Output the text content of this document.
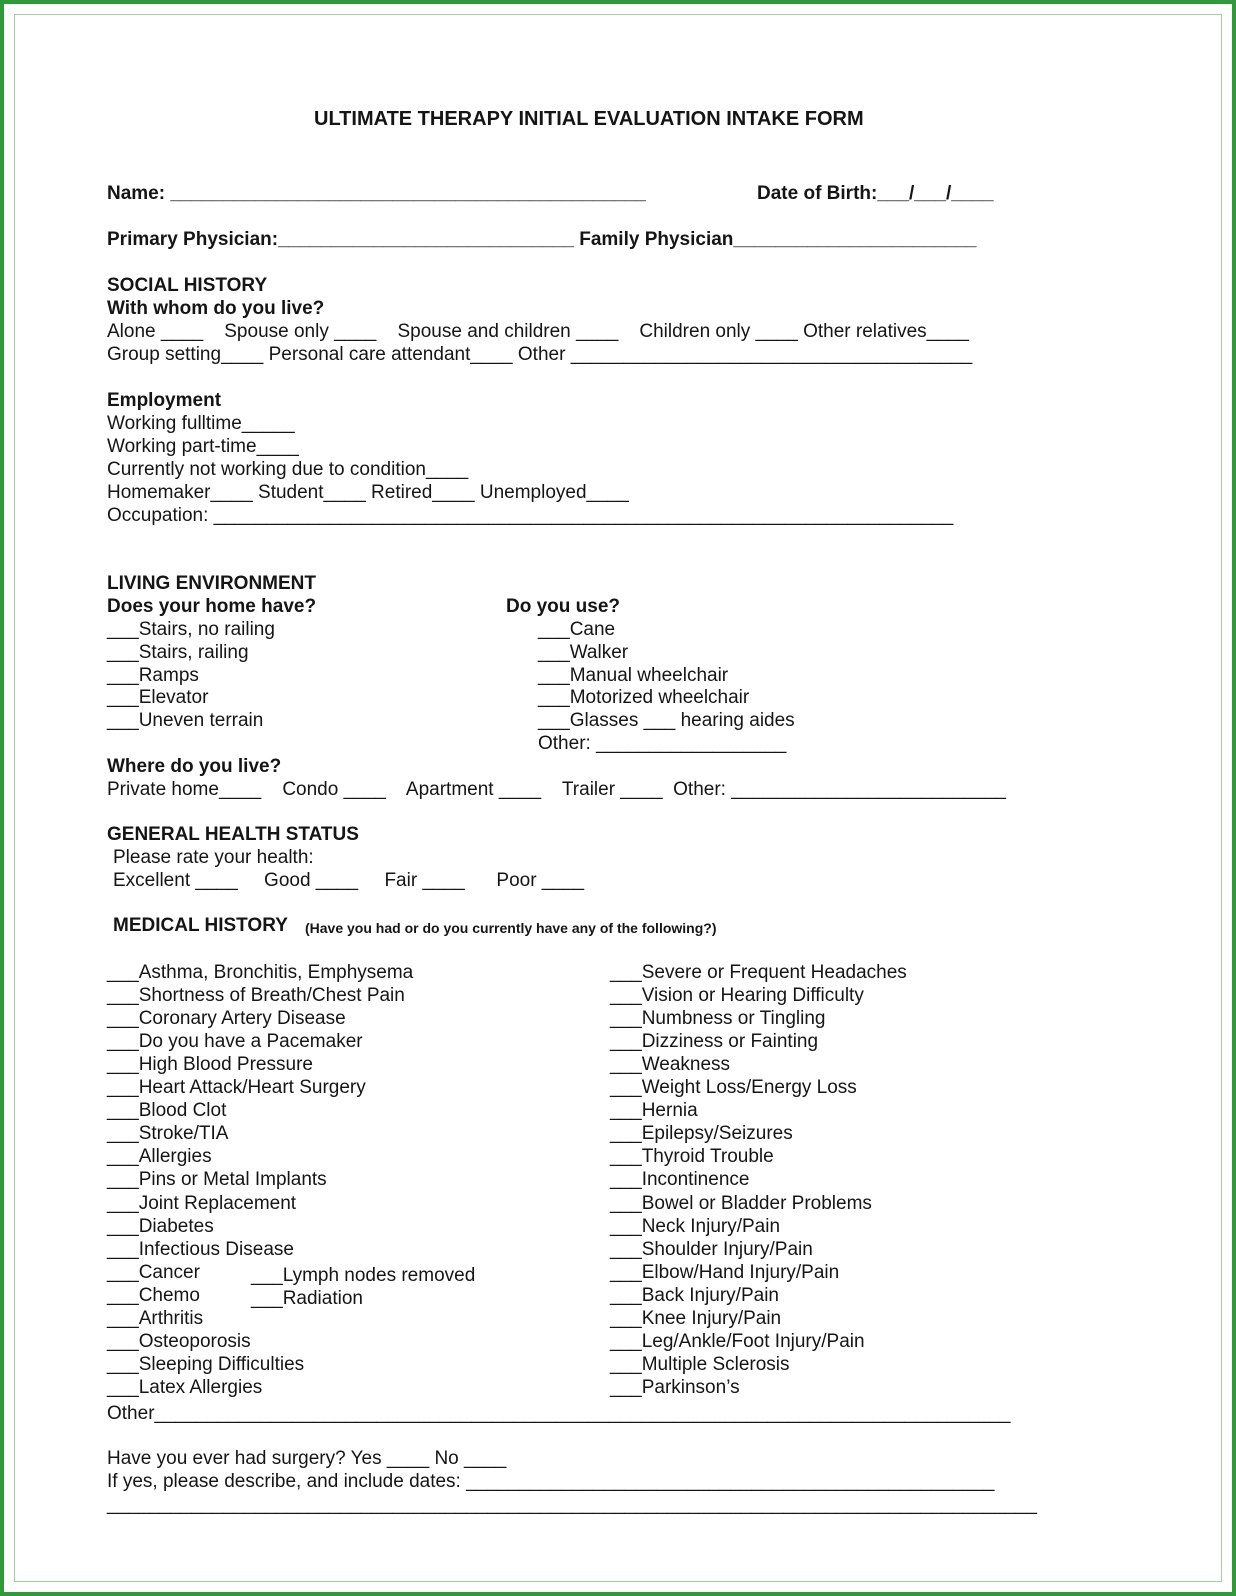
ULTIMATE THERAPY INITIAL EVALUATION INTAKE FORM
Name: _____________________________________________	Date of Birth:___/___/____
Primary Physician:____________________________ Family Physician_______________________
SOCIAL HISTORY
With whom do you live?
Alone ____    Spouse only ____    Spouse and children ____    Children only ____ Other relatives____
Group setting____ Personal care attendant____ Other ______________________________________
Employment
Working fulltime_____
Working part-time____
Currently not working due to condition____
Homemaker____ Student____ Retired____ Unemployed____
Occupation: ______________________________________________________________________
LIVING ENVIRONMENT
Does your home have?	Do you use?
___Stairs, no railing
___Stairs, railing
___Ramps
___Elevator
___Uneven terrain
___Cane
___Walker
___Manual wheelchair
___Motorized wheelchair
___Glasses ___ hearing aides
Other: __________________
Where do you live?
Private home____    Condo ____    Apartment ____    Trailer ____  Other: __________________________
GENERAL HEALTH STATUS
Please rate your health:
Excellent ____     Good ____     Fair ____      Poor ____
MEDICAL HISTORY (Have you had or do you currently have any of the following?)
___Lymph nodes removed
___Radiation
Other_________________________________________________________________________________
Have you ever had surgery? Yes ____ No ____
If yes, please describe, and include dates: __________________________________________________
________________________________________________________________________________________
___Asthma, Bronchitis, Emphysema
___Shortness of Breath/Chest Pain
___Coronary Artery Disease
___Do you have a Pacemaker
___High Blood Pressure
___Heart Attack/Heart Surgery
___Blood Clot
___Stroke/TIA
___Allergies
___Pins or Metal Implants
___Joint Replacement
___Diabetes
___Infectious Disease
___Cancer
___Chemo
___Arthritis
___Osteoporosis
___Sleeping Difficulties
___Latex Allergies
___Severe or Frequent Headaches
___Vision or Hearing Difficulty
___Numbness or Tingling
___Dizziness or Fainting
___Weakness
___Weight Loss/Energy Loss
___Hernia
___Epilepsy/Seizures
___Thyroid Trouble
___Incontinence
___Bowel or Bladder Problems
___Neck Injury/Pain
___Shoulder Injury/Pain
___Elbow/Hand Injury/Pain
___Back Injury/Pain
___Knee Injury/Pain
___Leg/Ankle/Foot Injury/Pain
___Multiple Sclerosis
___Parkinson’s
